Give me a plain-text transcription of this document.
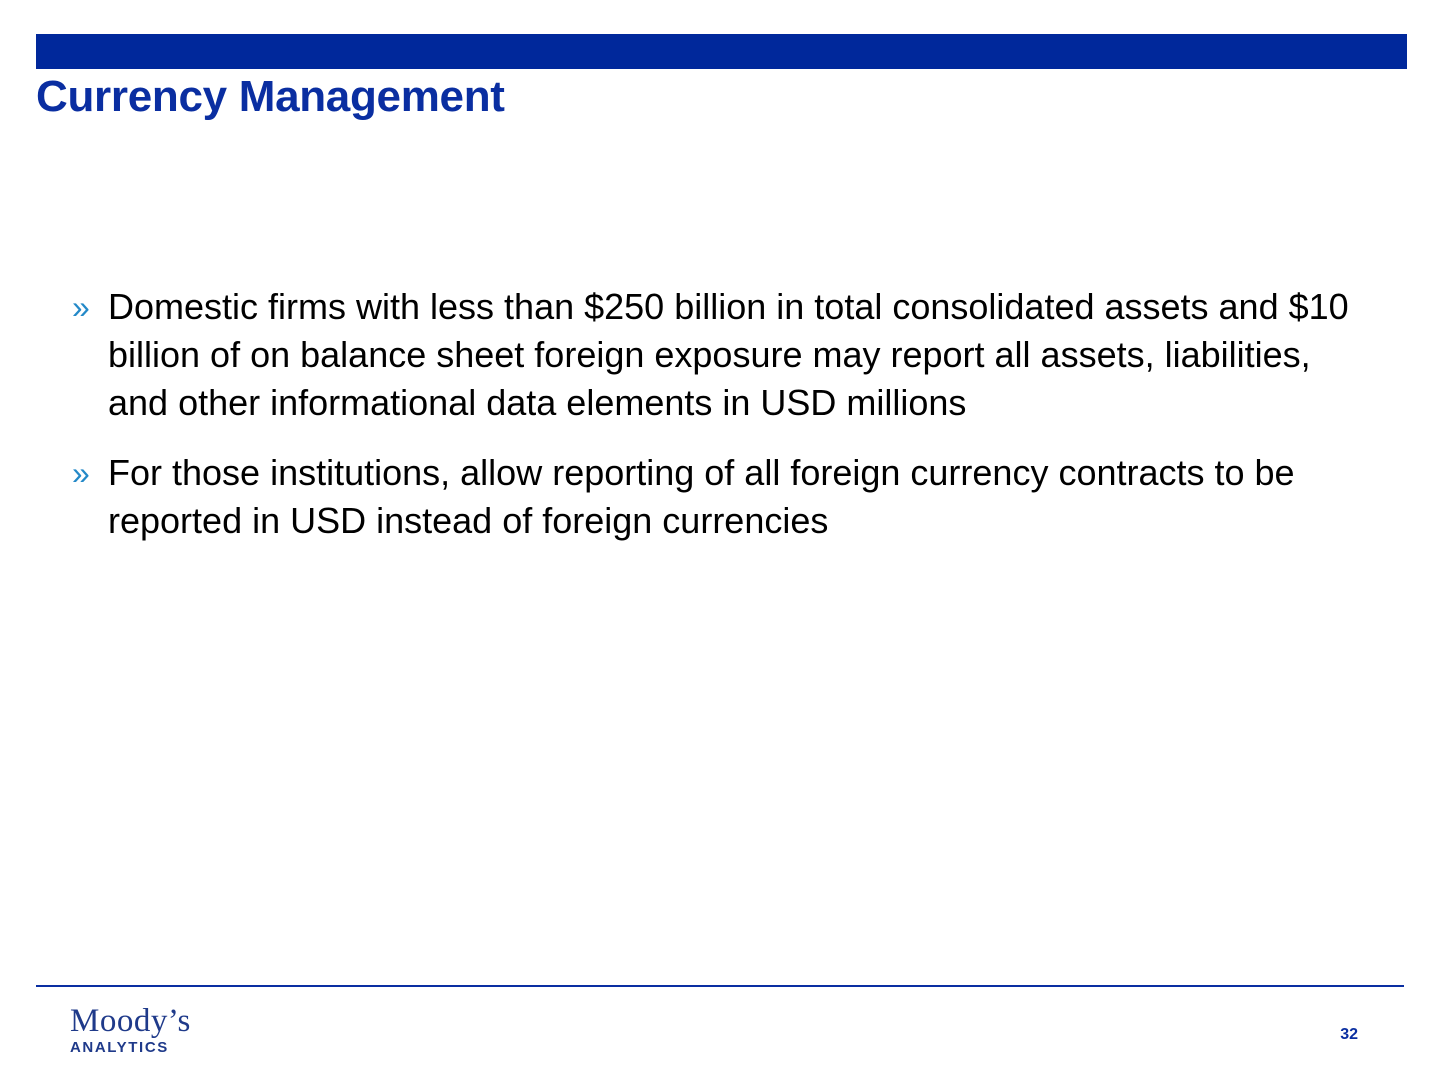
Currency Management
» Domestic firms with less than $250 billion in total consolidated assets and $10 billion of on balance sheet foreign exposure may report all assets, liabilities, and other informational data elements in USD millions
» For those institutions, allow reporting of all foreign currency contracts to be reported in USD instead of foreign currencies
Moody’s
ANALYTICS
32
